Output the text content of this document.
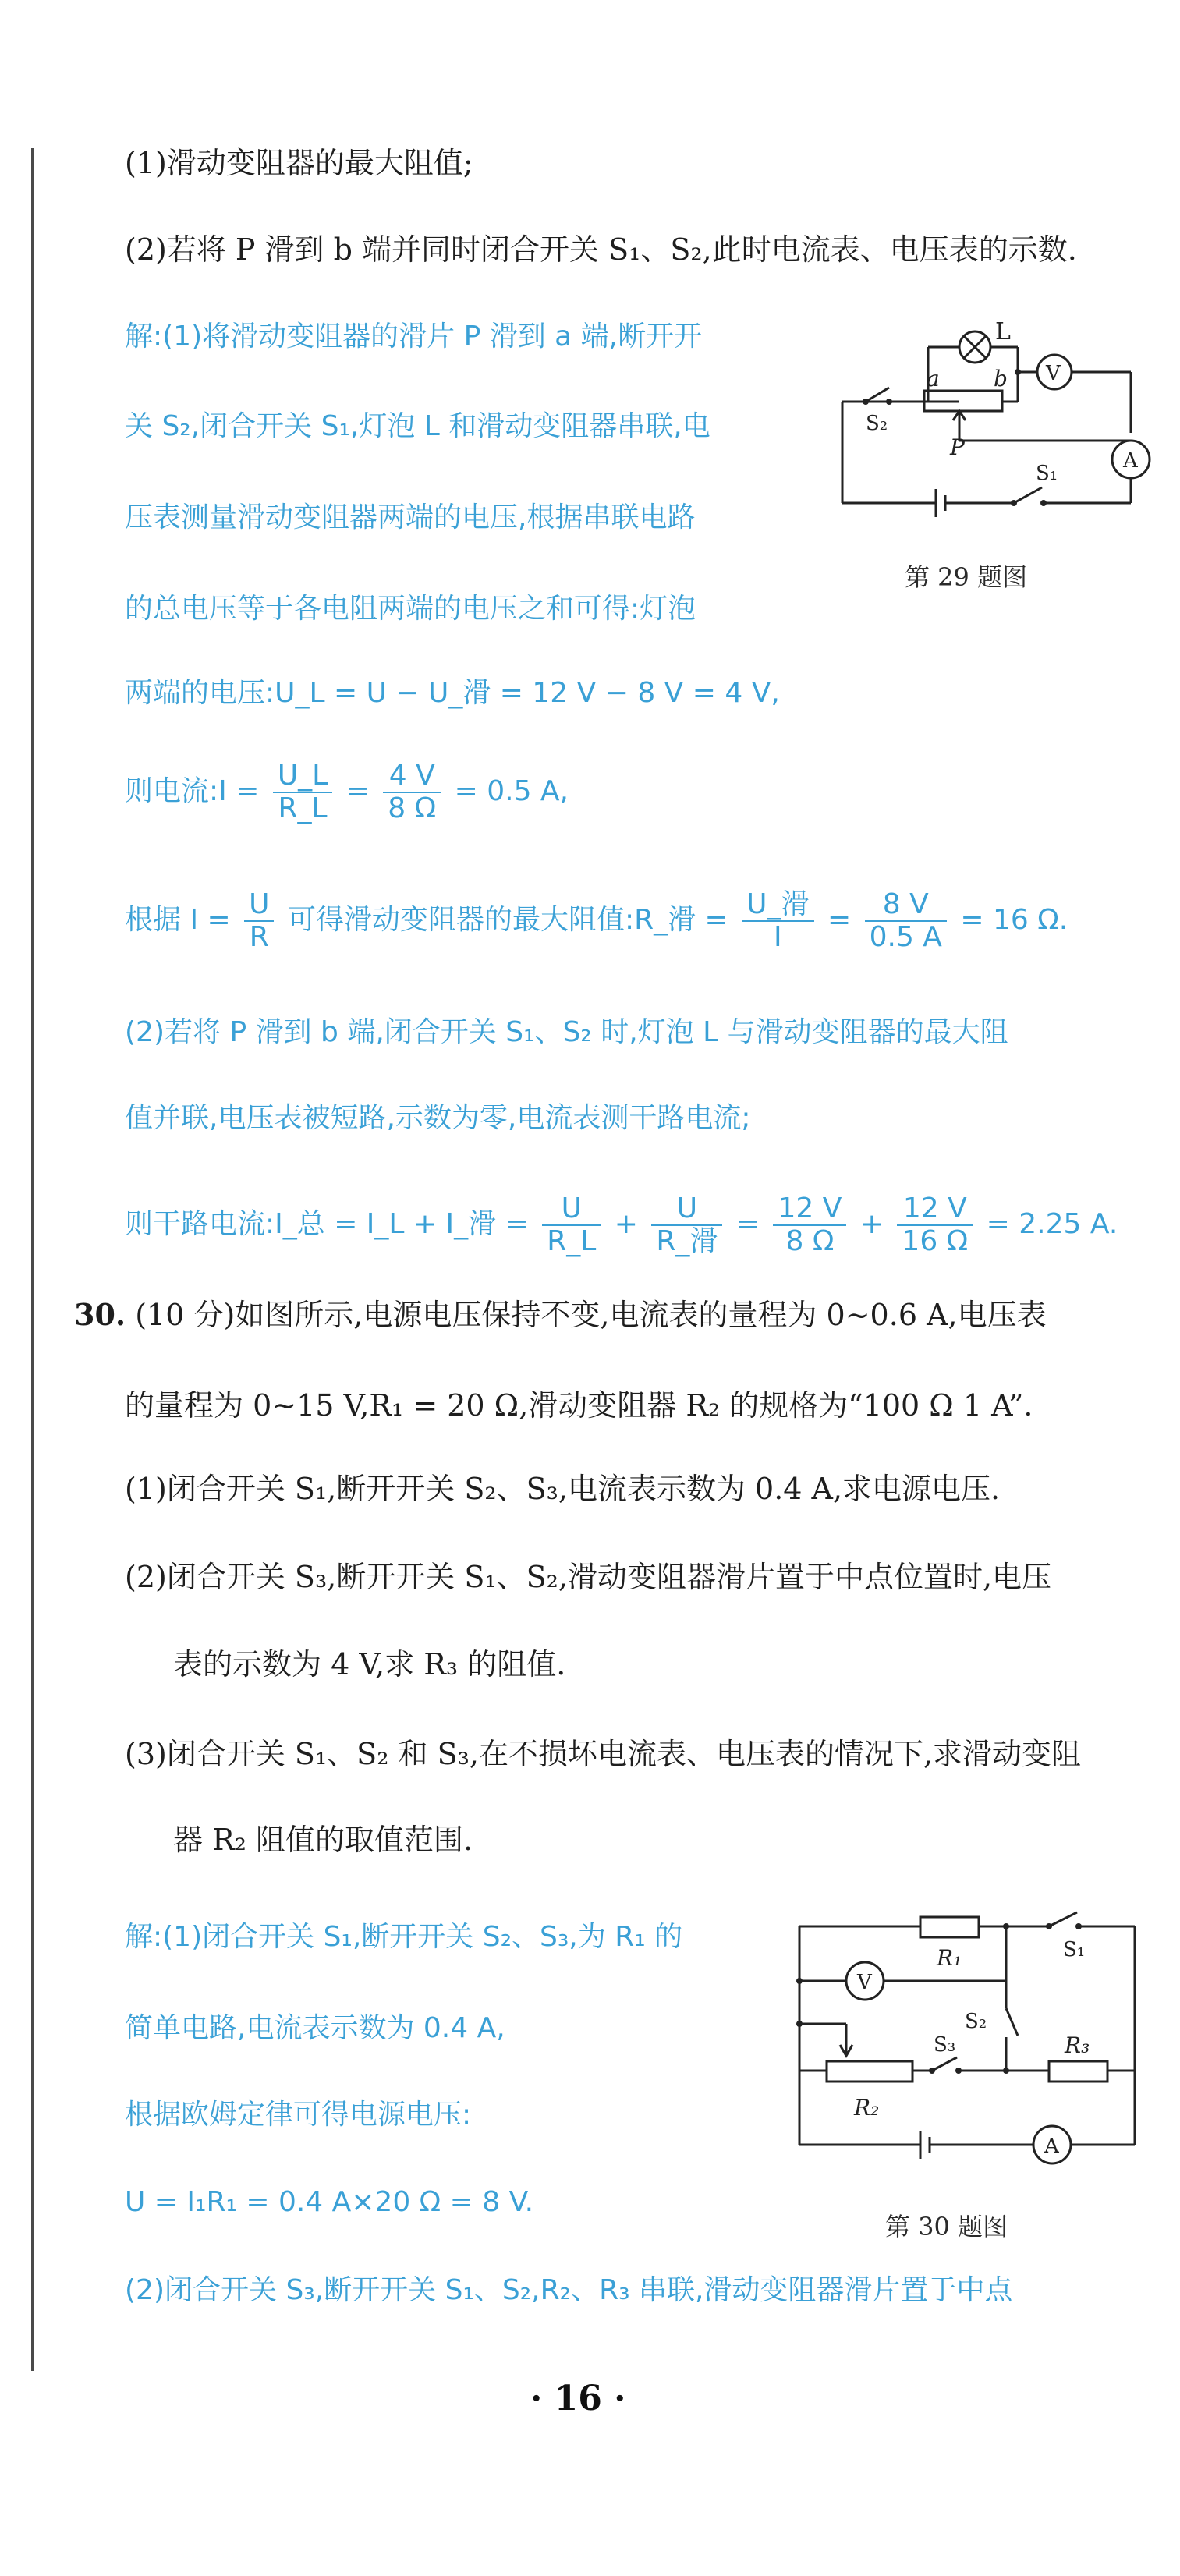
(1)滑动变阻器的最大阻值;
(2)若将 P 滑到 b 端并同时闭合开关 S₁、S₂,此时电流表、电压表的示数.
解:(1)将滑动变阻器的滑片 P 滑到 a 端,断开开
关 S₂,闭合开关 S₁,灯泡 L 和滑动变阻器串联,电
压表测量滑动变阻器两端的电压,根据串联电路
的总电压等于各电阻两端的电压之和可得:灯泡
两端的电压:U_L = U − U_滑 = 12 V − 8 V = 4 V,
则电流:I = $\frac{U\_L}{R\_L} = \frac{4 V}{8 \Omega} = 0.5$ A,
根据 $I = \frac{U}{R}$ 可得滑动变阻器的最大阻值:R_滑 = $\frac{\text{U\_滑}}{I} = \frac{8 V}{0.5 A} = 16$ Ω.
(2)若将 P 滑到 b 端,闭合开关 S₁、S₂ 时,灯泡 L 与滑动变阻器的最大阻
值并联,电压表被短路,示数为零,电流表测干路电流;
则干路电流:I_总 = I_L + I_滑 = $\frac{U}{R\_L} + \frac{U}{\text{R\_滑}} = \frac{12 V}{8 \Omega} + \frac{12 V}{16 \Omega} = 2.25$ A.
L
V
A
a b
P
S₂
S₁
第 29 题图
30. (10 分)如图所示,电源电压保持不变,电流表的量程为 0~0.6 A,电压表
的量程为 0~15 V,R₁ = 20 Ω,滑动变阻器 R₂ 的规格为“100 Ω 1 A”.
(1)闭合开关 S₁,断开开关 S₂、S₃,电流表示数为 0.4 A,求电源电压.
(2)闭合开关 S₃,断开开关 S₁、S₂,滑动变阻器滑片置于中点位置时,电压
表的示数为 4 V,求 R₃ 的阻值.
(3)闭合开关 S₁、S₂ 和 S₃,在不损坏电流表、电压表的情况下,求滑动变阻
器 R₂ 阻值的取值范围.
解:(1)闭合开关 S₁,断开开关 S₂、S₃,为 R₁ 的
简单电路,电流表示数为 0.4 A,
根据欧姆定律可得电源电压:
U = I₁R₁ = 0.4 A×20 Ω = 8 V.
(2)闭合开关 S₃,断开开关 S₁、S₂,R₂、R₃ 串联,滑动变阻器滑片置于中点
R₁
R₂
R₃
S₁
S₂
S₃
V
A
第 30 题图
· 16 ·
